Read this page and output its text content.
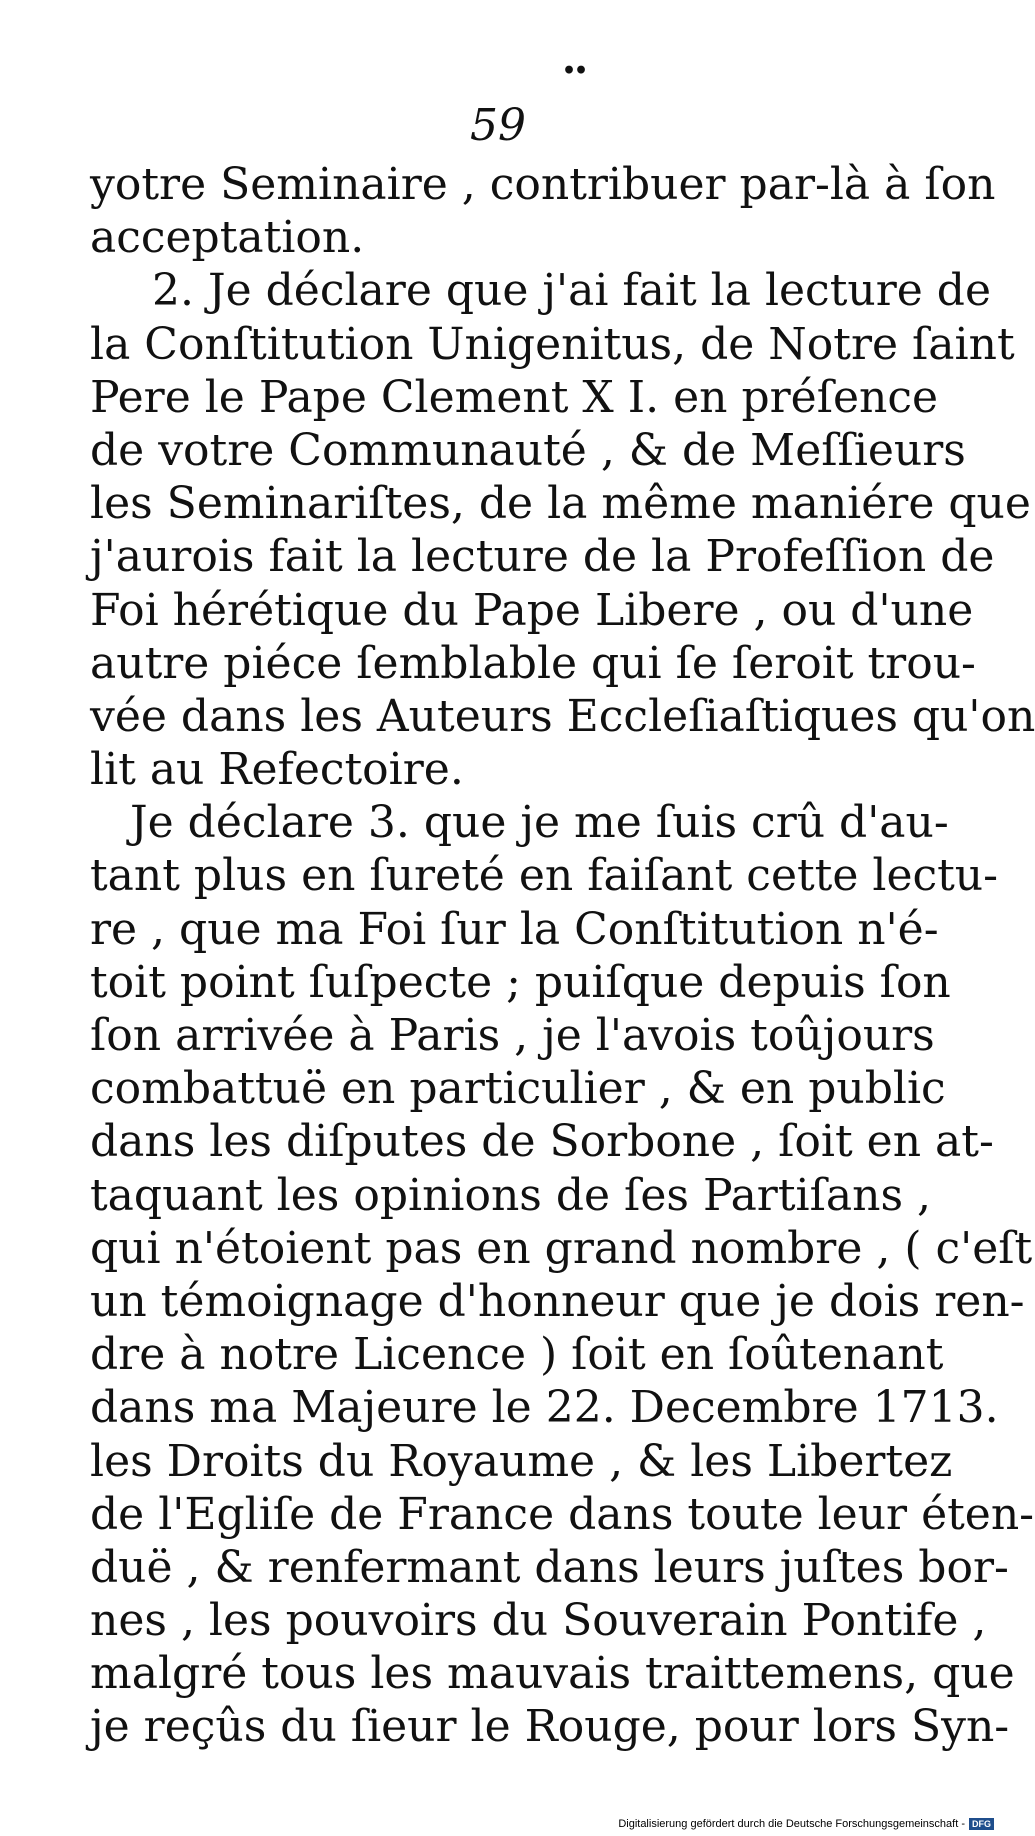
••
59
yotre Seminaire , contribuer par-là à ſon
acceptation.
2. Je déclare que j'ai fait la lecture de
la Conſtitution Unigenitus, de Notre ſaint
Pere le Pape Clement X I. en préſence
de votre Communauté , & de Meſſieurs
les Seminariſtes, de la même maniére que
j'aurois fait la lecture de la Profeſſion de
Foi hérétique du Pape Libere , ou d'une
autre piéce ſemblable qui ſe ſeroit trou-
vée dans les Auteurs Eccleſiaſtiques qu'on
lit au Refectoire.
Je déclare 3. que je me ſuis crû d'au-
tant plus en ſureté en faiſant cette lectu-
re , que ma Foi ſur la Conſtitution n'é-
toit point ſuſpecte ; puiſque depuis ſon
ſon arrivée à Paris , je l'avois toûjours
combattuë en particulier , & en public
dans les diſputes de Sorbone , ſoit en at-
taquant les opinions de ſes Partiſans ,
qui n'étoient pas en grand nombre , ( c'eſt
un témoignage d'honneur que je dois ren-
dre à notre Licence ) ſoit en ſoûtenant
dans ma Majeure le 22. Decembre 1713.
les Droits du Royaume , & les Libertez
de l'Egliſe de France dans toute leur éten-
duë , & renfermant dans leurs juſtes bor-
nes , les pouvoirs du Souverain Pontife ,
malgré tous les mauvais traittemens, que
je reçûs du ſieur le Rouge, pour lors Syn-
Digitalisierung gefördert durch die Deutsche Forschungsgemeinschaft - DFG
